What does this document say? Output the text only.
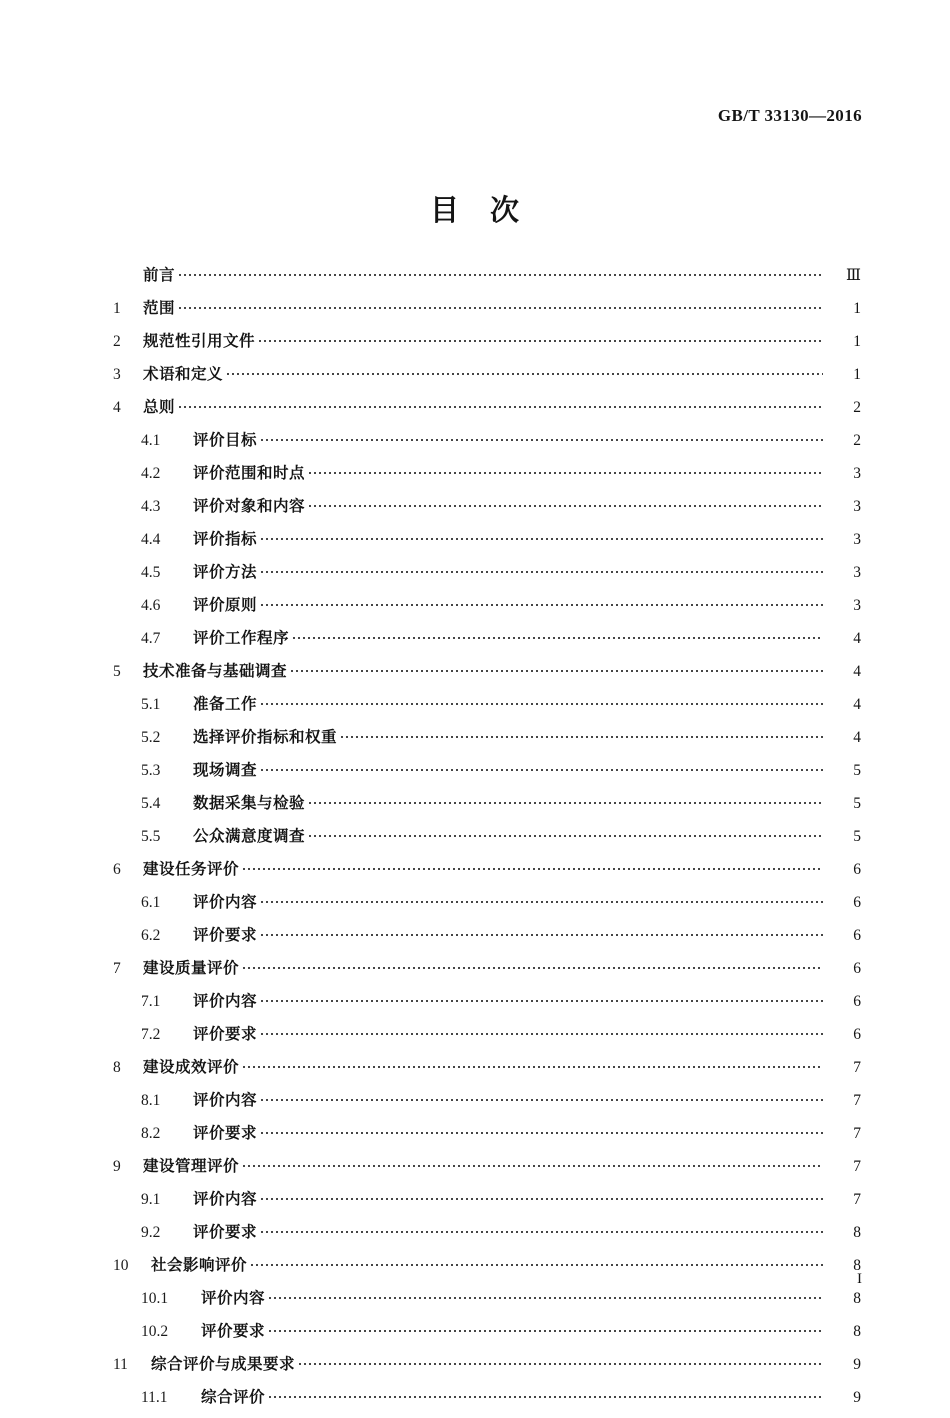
GB/T 33130—2016
目 次
前言	Ⅲ
1	范围	1
2	规范性引用文件	1
3	术语和定义	1
4	总则	2
4.1	评价目标	2
4.2	评价范围和时点	3
4.3	评价对象和内容	3
4.4	评价指标	3
4.5	评价方法	3
4.6	评价原则	3
4.7	评价工作程序	4
5	技术准备与基础调查	4
5.1	准备工作	4
5.2	选择评价指标和权重	4
5.3	现场调查	5
5.4	数据采集与检验	5
5.5	公众满意度调查	5
6	建设任务评价	6
6.1	评价内容	6
6.2	评价要求	6
7	建设质量评价	6
7.1	评价内容	6
7.2	评价要求	6
8	建设成效评价	7
8.1	评价内容	7
8.2	评价要求	7
9	建设管理评价	7
9.1	评价内容	7
9.2	评价要求	8
10	社会影响评价	8
10.1	评价内容	8
10.2	评价要求	8
11	综合评价与成果要求	9
11.1	综合评价	9
I
